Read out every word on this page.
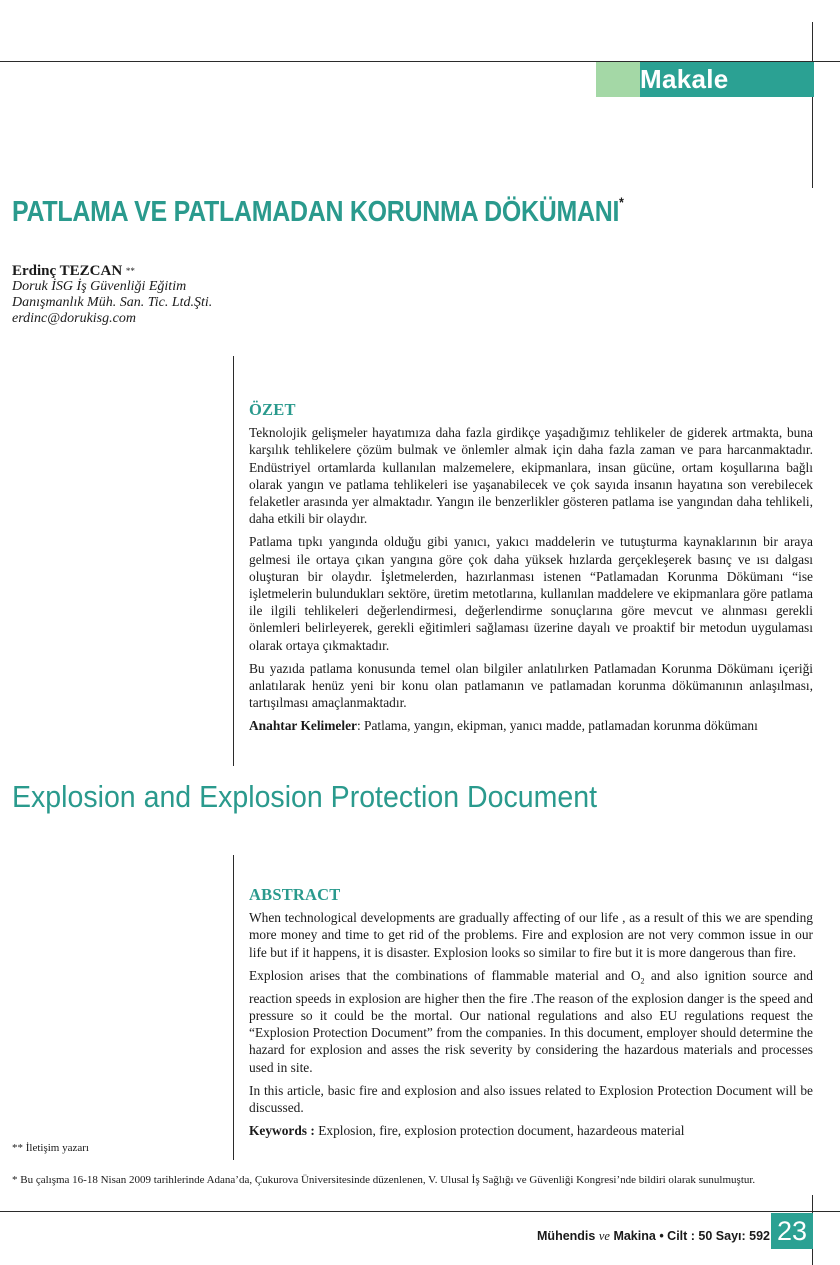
Makale
PATLAMA VE PATLAMADAN KORUNMA DÖKÜMANI*
Erdinç TEZCAN **
Doruk İSG İş Güvenliği Eğitim
Danışmanlık Müh. San. Tic. Ltd.Şti.
erdinc@dorukisg.com
ÖZET

Teknolojik gelişmeler hayatımıza daha fazla girdikçe yaşadığımız tehlikeler de giderek artmakta, buna karşılık tehlikelere çözüm bulmak ve önlemler almak için daha fazla zaman ve para harcanmaktadır. Endüstriyel ortamlarda kullanılan malzemelere, ekipmanlara, insan gücüne, ortam koşullarına bağlı olarak yangın ve patlama tehlikeleri ise yaşanabilecek ve çok sayıda insanın hayatına son verebilecek felaketler arasında yer almaktadır. Yangın ile benzerlikler gösteren patlama ise yangından daha tehlikeli, daha etkili bir olaydır.

Patlama tıpkı yangında olduğu gibi yanıcı, yakıcı maddelerin ve tutuşturma kaynaklarının bir araya gelmesi ile ortaya çıkan yangına göre çok daha yüksek hızlarda gerçekleşerek basınç ve ısı dalgası oluşturan bir olaydır. İşletmelerden, hazırlanması istenen “Patlamadan Korunma Dökümanı “ise işletmelerin bulundukları sektöre, üretim metotlarına, kullanılan maddelere ve ekipmanlara göre patlama ile ilgili tehlikeleri değerlendirmesi, değerlendirme sonuçlarına göre mevcut ve alınması gerekli önlemleri belirleyerek, gerekli eğitimleri sağlaması üzerine dayalı ve proaktif bir metodun uygulaması olarak ortaya çıkmaktadır.

Bu yazıda patlama konusunda temel olan bilgiler anlatılırken Patlamadan Korunma Dökümanı içeriği anlatılarak henüz yeni bir konu olan patlamanın ve patlamadan korunma dökümanının anlaşılması, tartışılması amaçlanmaktadır.

Anahtar Kelimeler: Patlama, yangın, ekipman, yanıcı madde, patlamadan korunma dökümanı

Explosion and Explosion Protection Document
ABSTRACT

When technological developments are gradually affecting of our life , as a result of this we are spending more money and time to get rid of the problems. Fire and explosion are not very common issue in our life but if it happens, it is disaster. Explosion looks so similar to fire but it is more dangerous than fire.

Explosion arises that the combinations of flammable material and $O_2$ and also ignition source and reaction speeds in explosion are higher then the fire .The reason of the explosion danger is the speed and pressure so it could be the mortal. Our national regulations and also EU regulations request the “Explosion Protection Document” from the companies. In this document, employer should determine the hazard for explosion and asses the risk severity by considering the hazardous materials and processes used in site.

In this article, basic fire and explosion and also issues related to Explosion Protection Document will be discussed.

Keywords : Explosion, fire, explosion protection document, hazardeous material

** İletişim yazarı
* Bu çalışma 16-18 Nisan 2009 tarihlerinde Adana’da, Çukurova Üniversitesinde düzenlenen, V. Ulusal İş Sağlığı ve Güvenliği Kongresi’nde bildiri olarak sunulmuştur.
Mühendis ve Makina • Cilt : 50 Sayı: 592 23
